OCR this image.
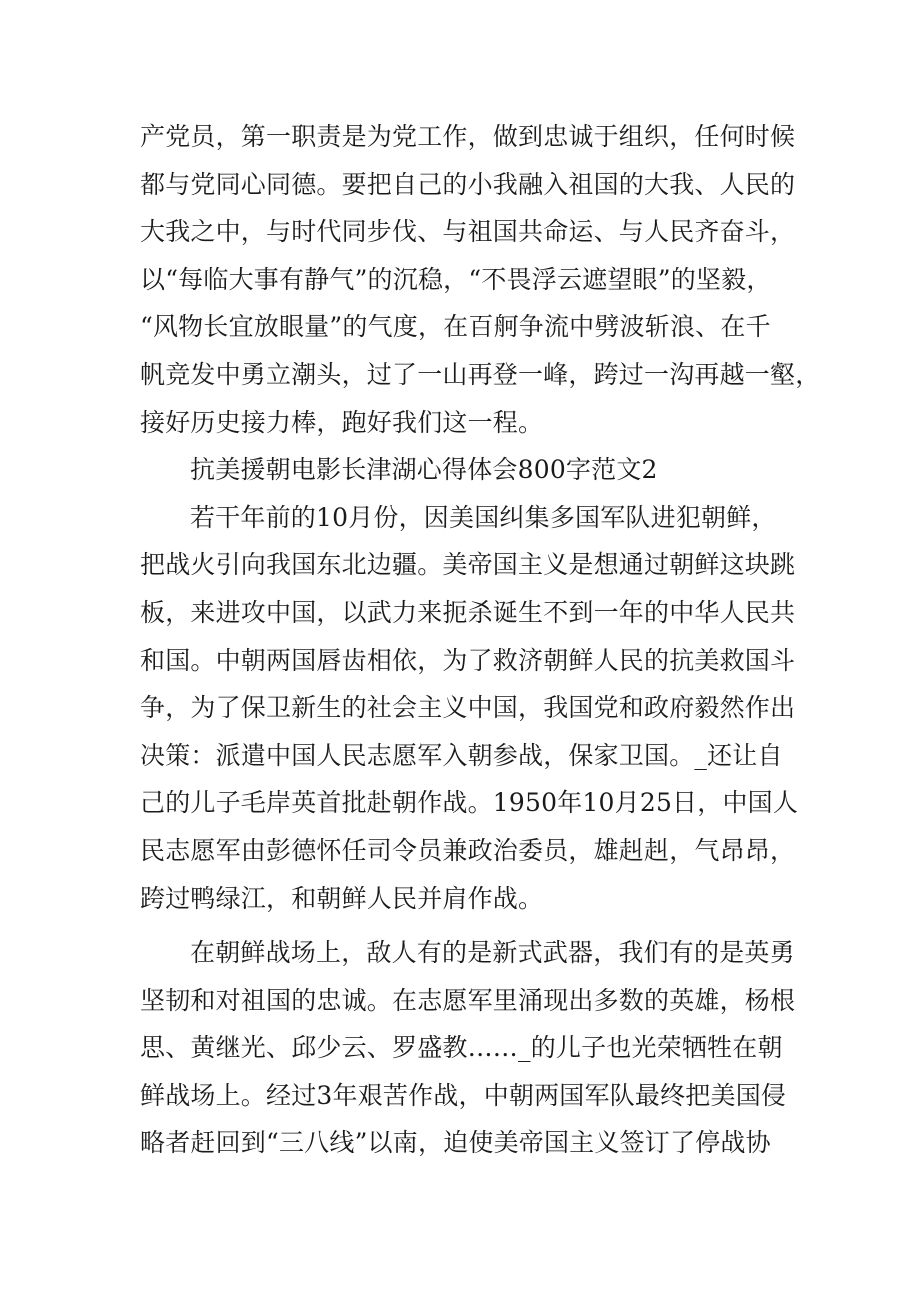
产党员，第一职责是为党工作，做到忠诚于组织，任何时候
都与党同心同德。要把自己的小我融入祖国的大我、人民的
大我之中，与时代同步伐、与祖国共命运、与人民齐奋斗，
以“每临大事有静气”的沉稳，“不畏浮云遮望眼”的坚毅，
“风物长宜放眼量”的气度，在百舸争流中劈波斩浪、在千
帆竞发中勇立潮头，过了一山再登一峰，跨过一沟再越一壑，
接好历史接力棒，跑好我们这一程。
抗美援朝电影长津湖心得体会800字范文2
若干年前的10月份，因美国纠集多国军队进犯朝鲜，
把战火引向我国东北边疆。美帝国主义是想通过朝鲜这块跳
板，来进攻中国，以武力来扼杀诞生不到一年的中华人民共
和国。中朝两国唇齿相依，为了救济朝鲜人民的抗美救国斗
争，为了保卫新生的社会主义中国，我国党和政府毅然作出
决策：派遣中国人民志愿军入朝参战，保家卫国。_还让自
己的儿子毛岸英首批赴朝作战。1950年10月25日，中国人
民志愿军由彭德怀任司令员兼政治委员，雄赳赳，气昂昂，
跨过鸭绿江，和朝鲜人民并肩作战。
在朝鲜战场上，敌人有的是新式武器，我们有的是英勇
坚韧和对祖国的忠诚。在志愿军里涌现出多数的英雄，杨根
思、黄继光、邱少云、罗盛教……_的儿子也光荣牺牲在朝
鲜战场上。经过3年艰苦作战，中朝两国军队最终把美国侵
略者赶回到“三八线”以南，迫使美帝国主义签订了停战协
